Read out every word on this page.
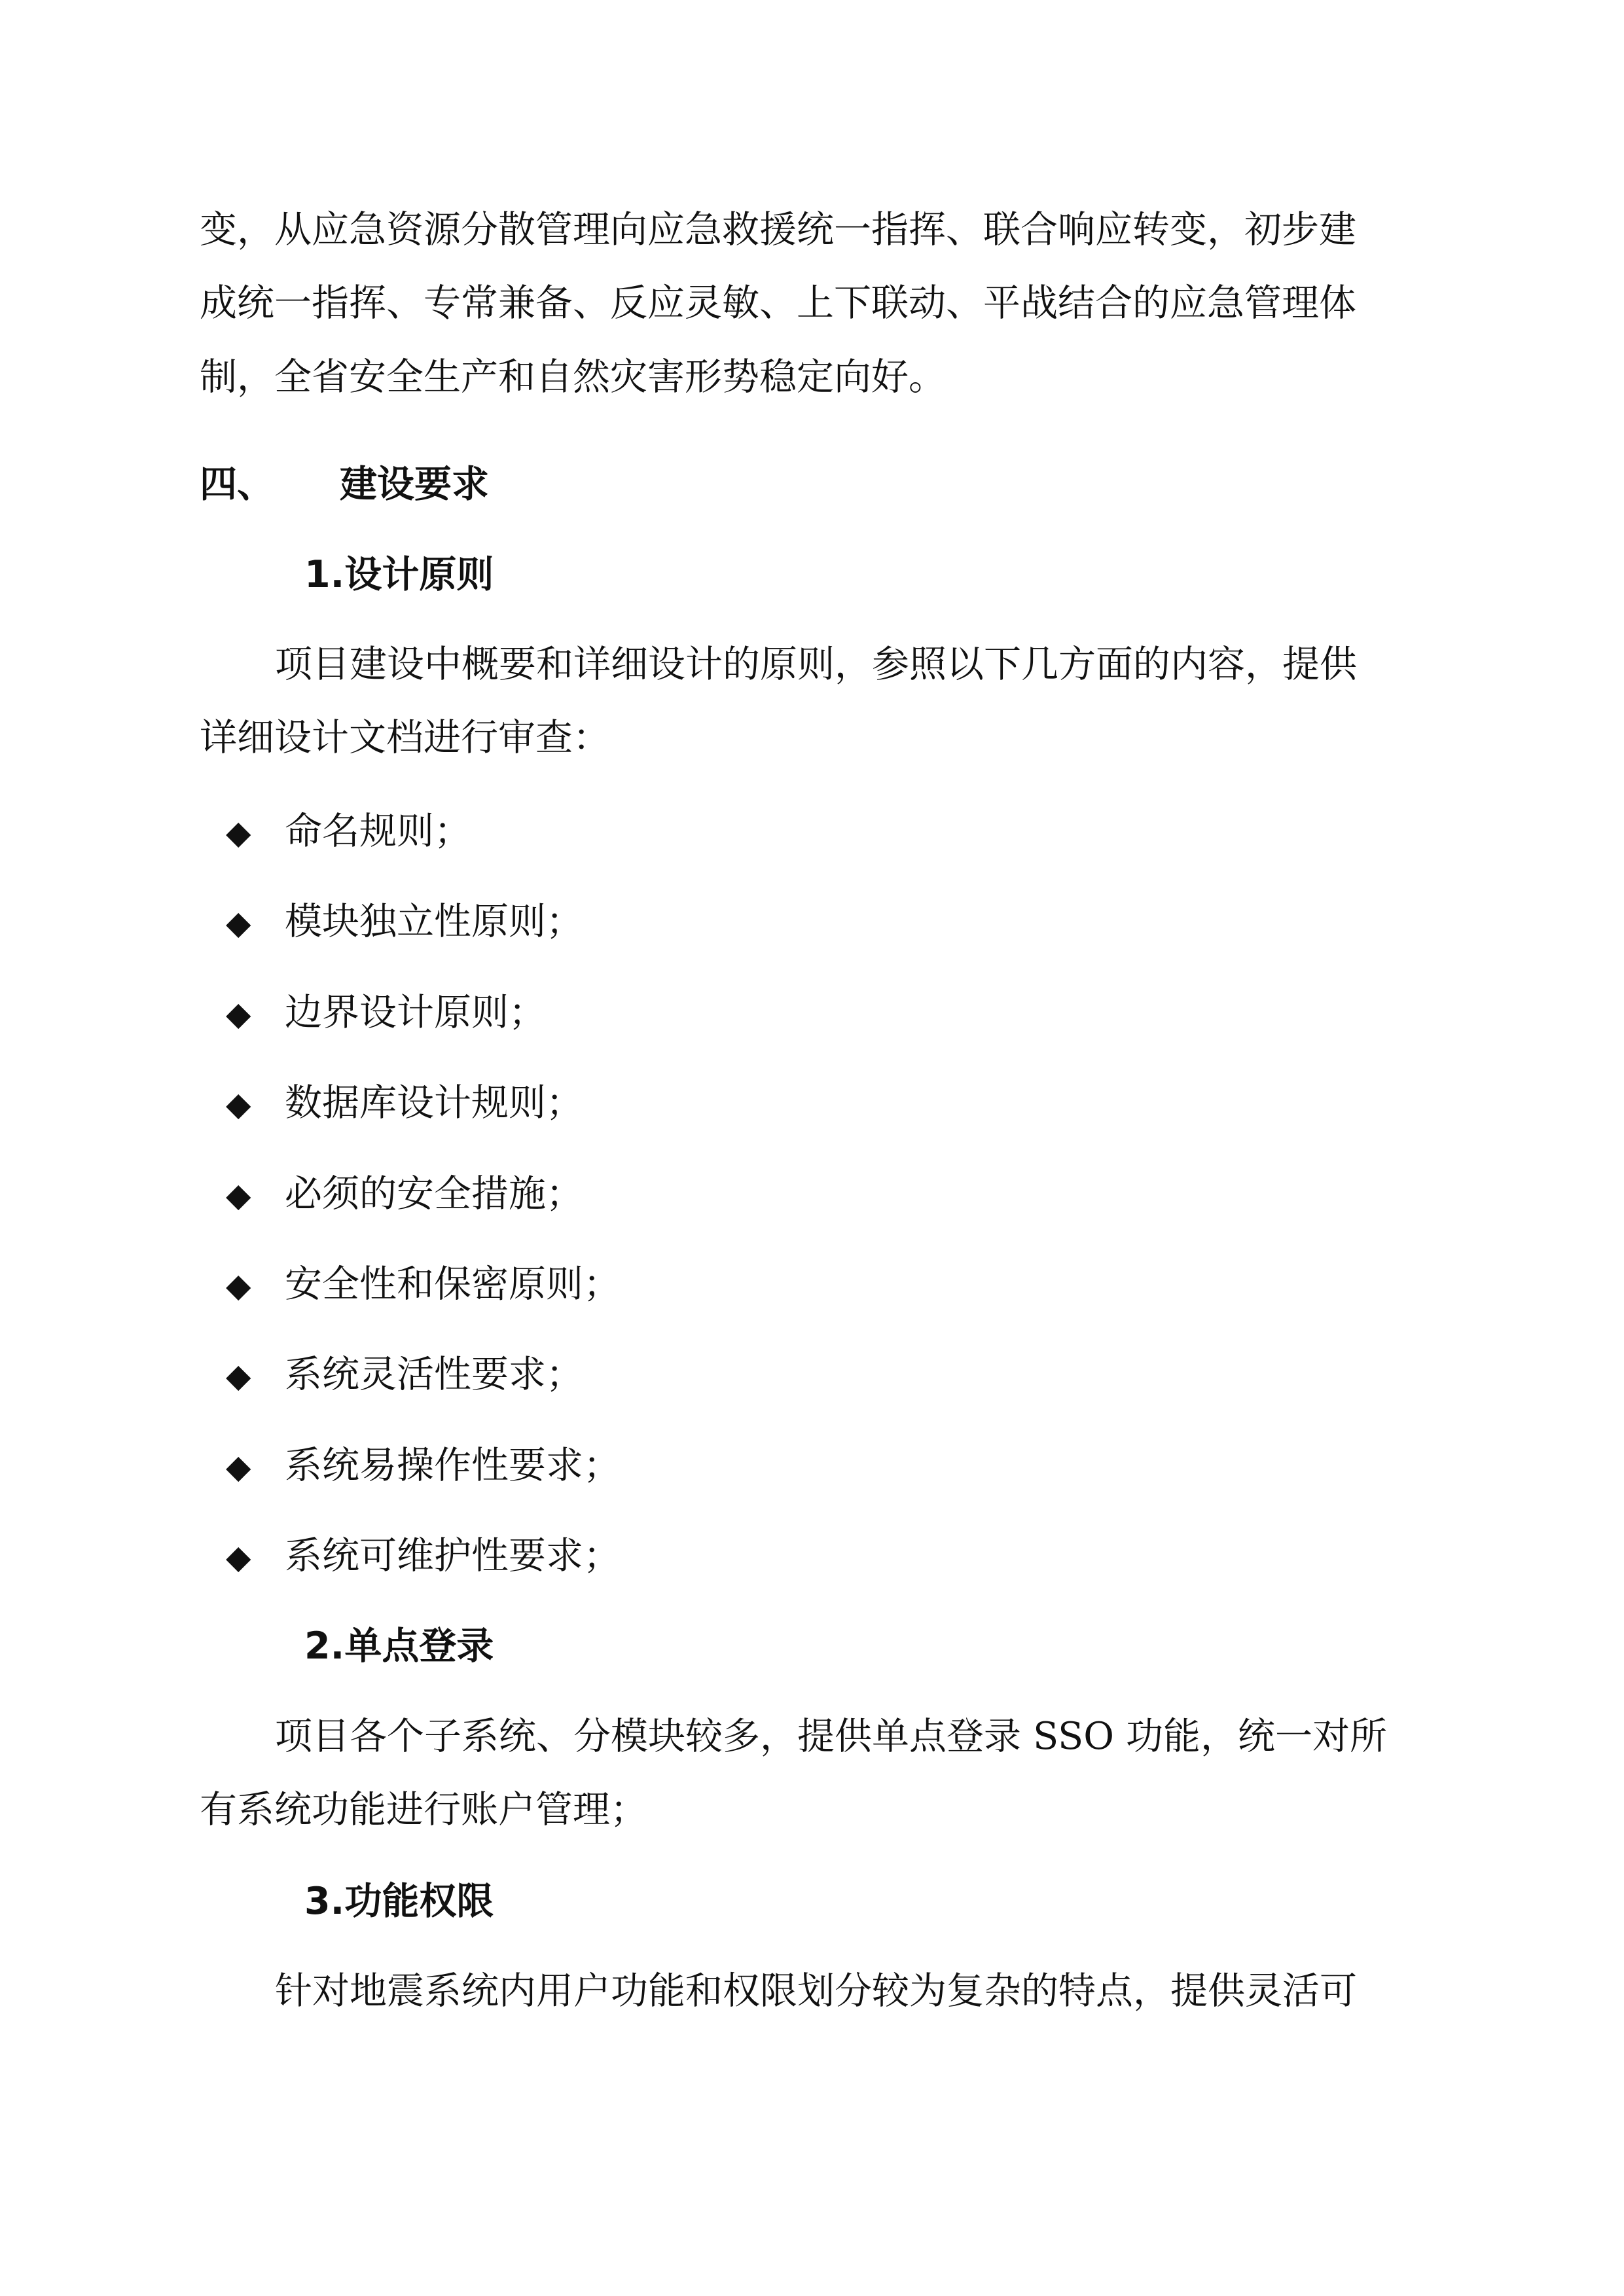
变，从应急资源分散管理向应急救援统一指挥、联合响应转变，初步建

成统一指挥、专常兼备、反应灵敏、上下联动、平战结合的应急管理体

制，全省安全生产和自然灾害形势稳定向好。

四、 建设要求
1.设计原则

项目建设中概要和详细设计的原则，参照以下几方面的内容，提供

详细设计文档进行审查：

◆ 命名规则；
◆ 模块独立性原则；
◆ 边界设计原则；
◆ 数据库设计规则；
◆ 必须的安全措施；
◆ 安全性和保密原则；
◆ 系统灵活性要求；
◆ 系统易操作性要求；
◆ 系统可维护性要求；
2.单点登录

项目各个子系统、分模块较多，提供单点登录 SSO 功能，统一对所

有系统功能进行账户管理；

3.功能权限

针对地震系统内用户功能和权限划分较为复杂的特点，提供灵活可
